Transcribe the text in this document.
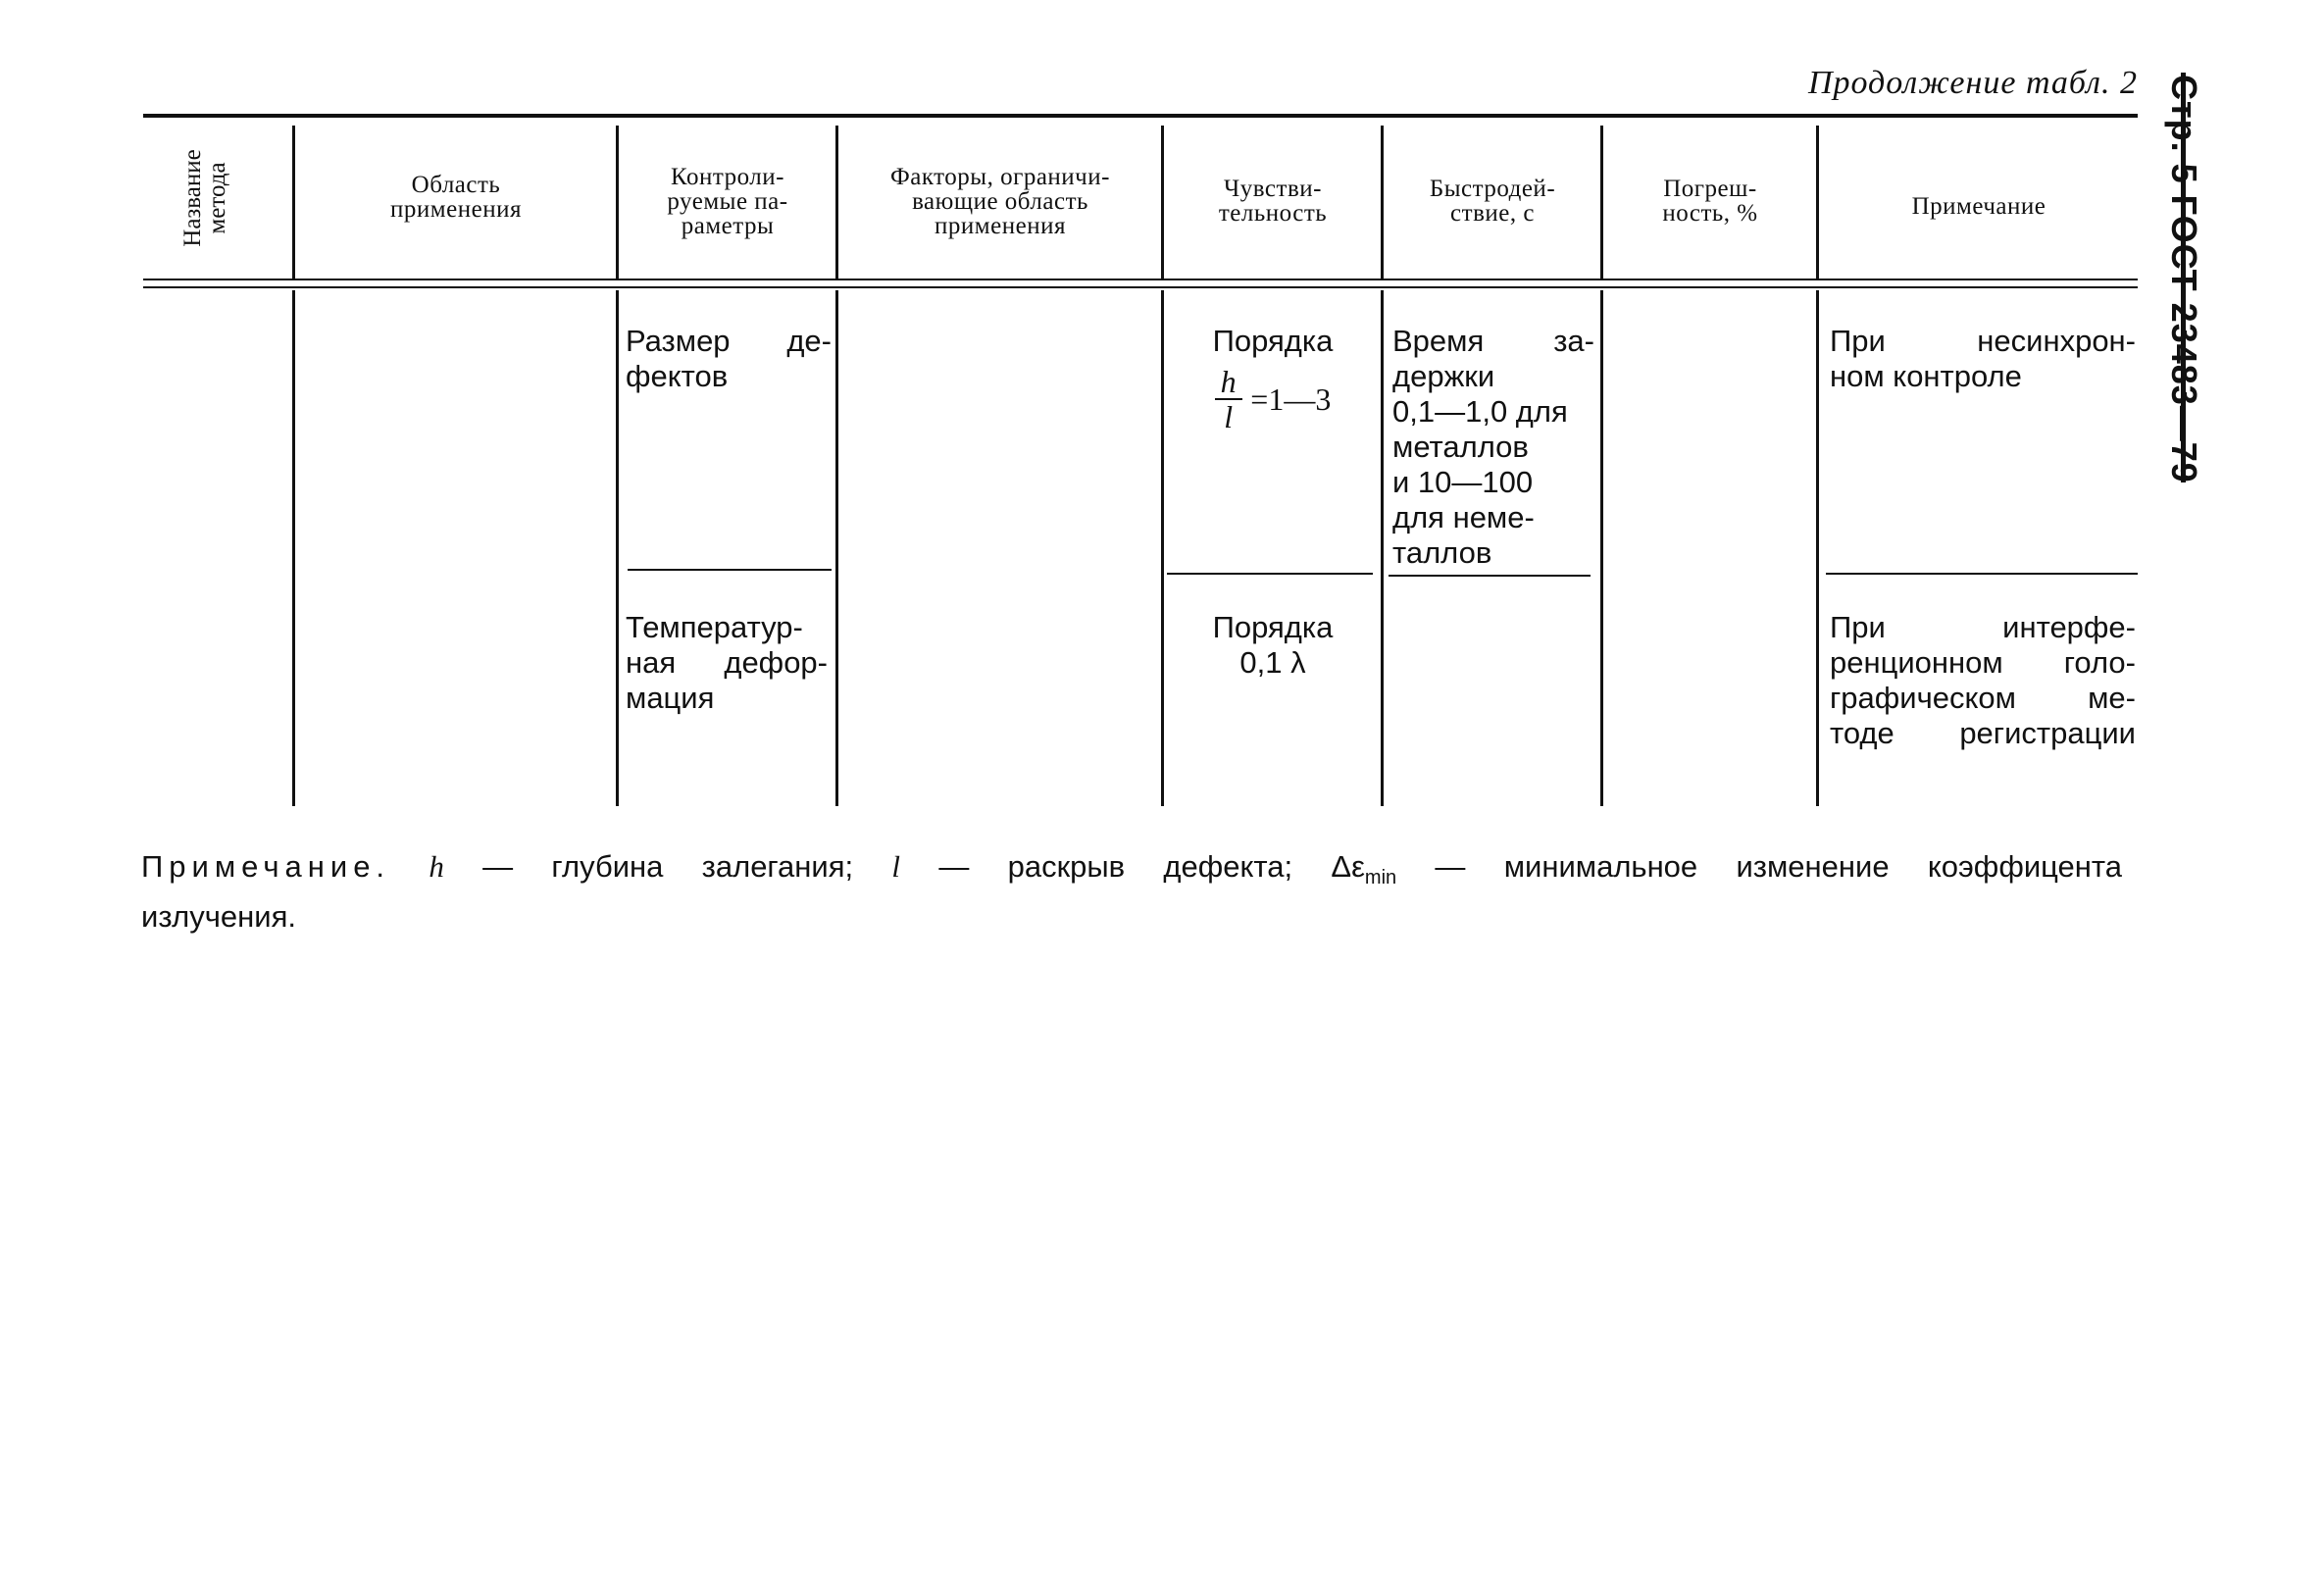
Продолжение табл. 2 Стр. 5 ГОСТ 23483—79
Название
метода	Область
применения
Контроли-
руемые па-
раметры
Факторы, ограничи-
вающие область
применения
Чувстви-
тельность
Быстродей-
ствие, с
Погреш-
ность, %	Примечание
Размер де-
фектов
Порядка
$\frac{h}{l}$ =1—3
Время за-
держки
0,1—1,0 для
металлов
и 10—100
для неме-
таллов
При несинхрон-
ном контроле
Температур-
ная дефор-
мация
Порядка
0,1 λ
При интерфе-
ренционном голо-
графическом ме-
тоде регистрации
Примечание. h — глубина залегания; l — раскрыв дефекта; $\Delta\varepsilon_{min}$ — минимальное изменение коэффицента
излучения.
